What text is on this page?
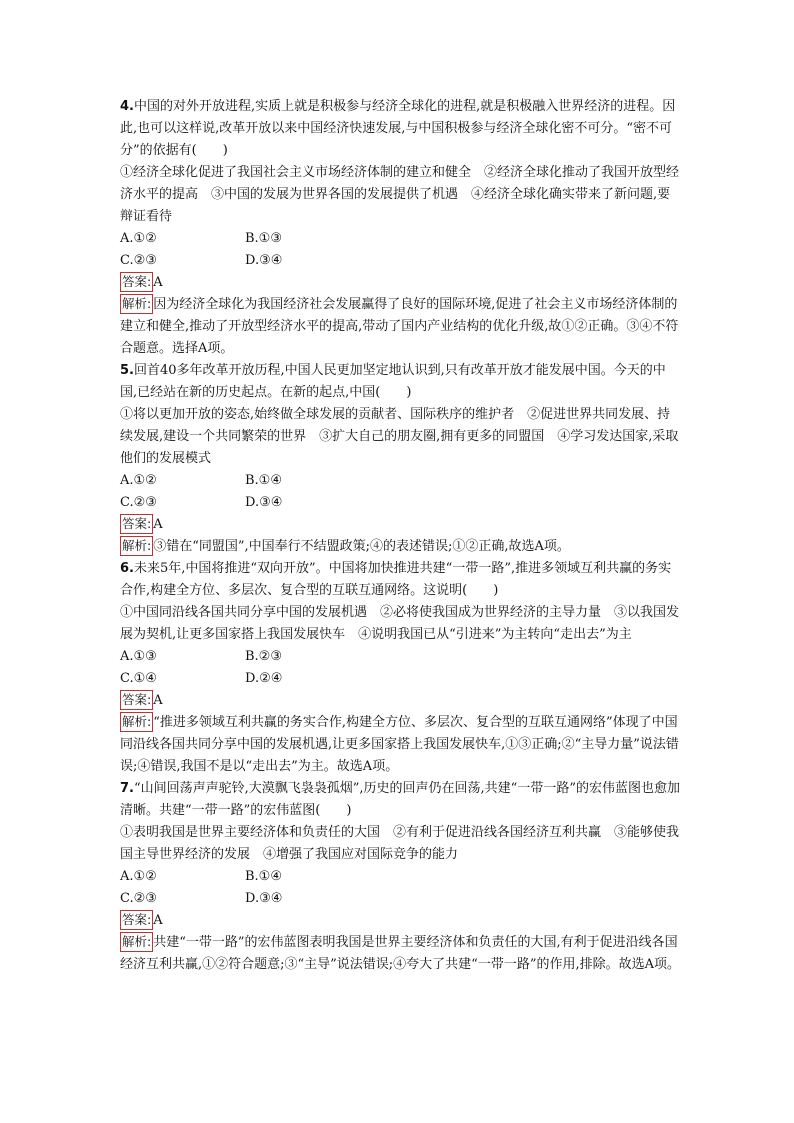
4.中国的对外开放进程,实质上就是积极参与经济全球化的进程,就是积极融入世界经济的进程。因此,也可以这样说,改革开放以来中国经济快速发展,与中国积极参与经济全球化密不可分。“密不可分”的依据有(　　)

①经济全球化促进了我国社会主义市场经济体制的建立和健全　②经济全球化推动了我国开放型经济水平的提高　③中国的发展为世界各国的发展提供了机遇　④经济全球化确实带来了新问题,要辩证看待

A.①②	B.①③
C.②③	D.③④

答案: A

解析: 因为经济全球化为我国经济社会发展赢得了良好的国际环境,促进了社会主义市场经济体制的建立和健全,推动了开放型经济水平的提高,带动了国内产业结构的优化升级,故①②正确。③④不符合题意。选择A项。

5.回首40多年改革开放历程,中国人民更加坚定地认识到,只有改革开放才能发展中国。今天的中国,已经站在新的历史起点。在新的起点,中国(　　)

①将以更加开放的姿态,始终做全球发展的贡献者、国际秩序的维护者　②促进世界共同发展、持续发展,建设一个共同繁荣的世界　③扩大自己的朋友圈,拥有更多的同盟国　④学习发达国家,采取他们的发展模式

A.①②	B.①④
C.②③	D.③④

答案: A

解析: ③错在“同盟国”,中国奉行不结盟政策;④的表述错误;①②正确,故选A项。

6.未来5年,中国将推进“双向开放”。中国将加快推进共建“一带一路”,推进多领域互利共赢的务实合作,构建全方位、多层次、复合型的互联互通网络。这说明(　　)

①中国同沿线各国共同分享中国的发展机遇　②必将使我国成为世界经济的主导力量　③以我国发展为契机,让更多国家搭上我国发展快车　④说明我国已从“引进来”为主转向“走出去”为主

A.①③	B.②③
C.①④	D.②④

答案: A

解析: “推进多领域互利共赢的务实合作,构建全方位、多层次、复合型的互联互通网络”体现了中国同沿线各国共同分享中国的发展机遇,让更多国家搭上我国发展快车,①③正确;②“主导力量”说法错误;④错误,我国不是以“走出去”为主。故选A项。

7.“山间回荡声声驼铃,大漠飘飞袅袅孤烟”,历史的回声仍在回荡,共建“一带一路”的宏伟蓝图也愈加清晰。共建“一带一路”的宏伟蓝图(　　)

①表明我国是世界主要经济体和负责任的大国　②有利于促进沿线各国经济互利共赢　③能够使我国主导世界经济的发展　④增强了我国应对国际竞争的能力

A.①②	B.①④
C.②③	D.③④

答案: A

解析: 共建“一带一路”的宏伟蓝图表明我国是世界主要经济体和负责任的大国,有利于促进沿线各国经济互利共赢,①②符合题意;③“主导”说法错误;④夸大了共建“一带一路”的作用,排除。故选A项。
